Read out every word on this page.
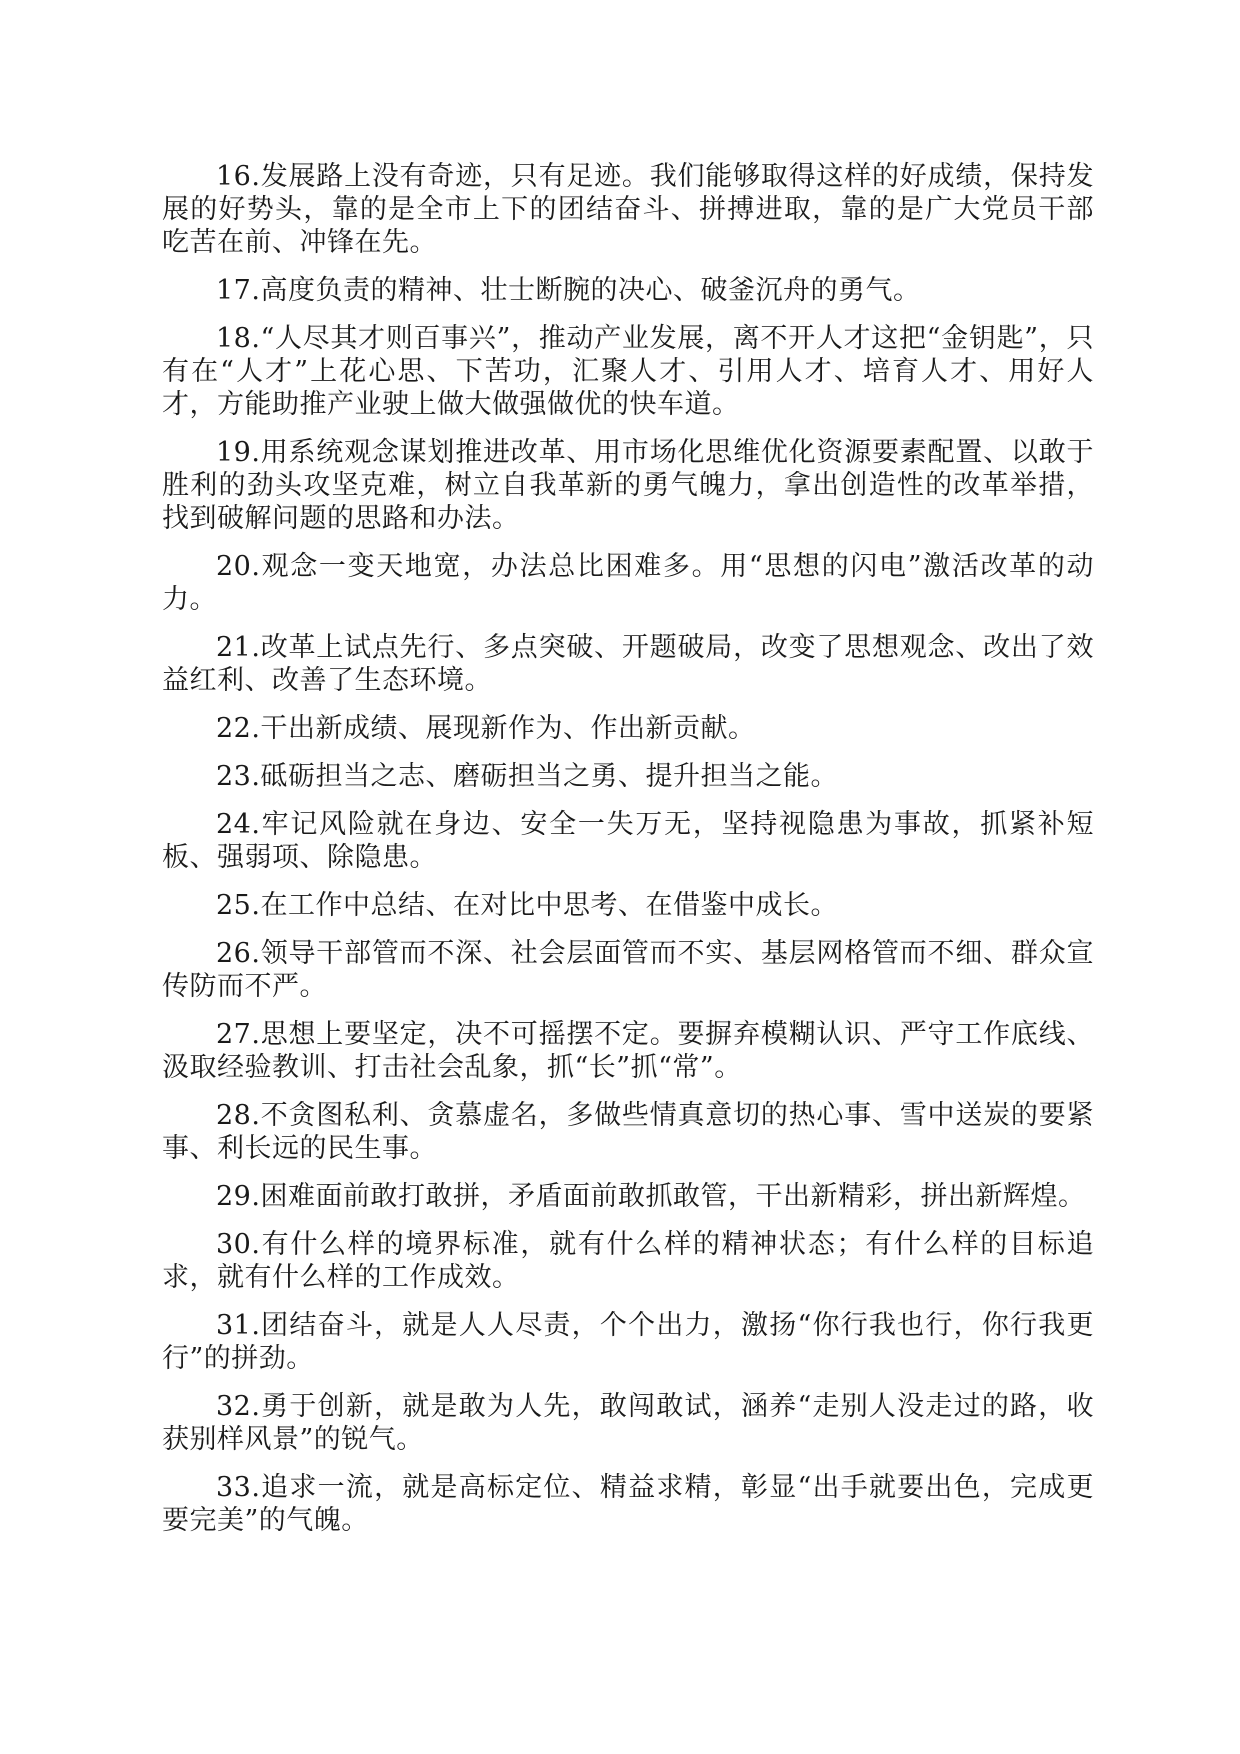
16.发展路上没有奇迹，只有足迹。我们能够取得这样的好成绩，保持发展的好势头，靠的是全市上下的团结奋斗、拼搏进取，靠的是广大党员干部吃苦在前、冲锋在先。

17.高度负责的精神、壮士断腕的决心、破釜沉舟的勇气。

18.“人尽其才则百事兴”，推动产业发展，离不开人才这把“金钥匙”，只有在“人才”上花心思、下苦功，汇聚人才、引用人才、培育人才、用好人才，方能助推产业驶上做大做强做优的快车道。

19.用系统观念谋划推进改革、用市场化思维优化资源要素配置、以敢于胜利的劲头攻坚克难，树立自我革新的勇气魄力，拿出创造性的改革举措，找到破解问题的思路和办法。

20.观念一变天地宽，办法总比困难多。用“思想的闪电”激活改革的动力。

21.改革上试点先行、多点突破、开题破局，改变了思想观念、改出了效益红利、改善了生态环境。

22.干出新成绩、展现新作为、作出新贡献。

23.砥砺担当之志、磨砺担当之勇、提升担当之能。

24.牢记风险就在身边、安全一失万无，坚持视隐患为事故，抓紧补短板、强弱项、除隐患。

25.在工作中总结、在对比中思考、在借鉴中成长。

26.领导干部管而不深、社会层面管而不实、基层网格管而不细、群众宣传防而不严。

27.思想上要坚定，决不可摇摆不定。要摒弃模糊认识、严守工作底线、汲取经验教训、打击社会乱象，抓“长”抓“常”。

28.不贪图私利、贪慕虚名，多做些情真意切的热心事、雪中送炭的要紧事、利长远的民生事。

29.困难面前敢打敢拼，矛盾面前敢抓敢管，干出新精彩，拼出新辉煌。

30.有什么样的境界标准，就有什么样的精神状态；有什么样的目标追求，就有什么样的工作成效。

31.团结奋斗，就是人人尽责，个个出力，激扬“你行我也行，你行我更行”的拼劲。

32.勇于创新，就是敢为人先，敢闯敢试，涵养“走别人没走过的路，收获别样风景”的锐气。

33.追求一流，就是高标定位、精益求精，彰显“出手就要出色，完成更要完美”的气魄。
